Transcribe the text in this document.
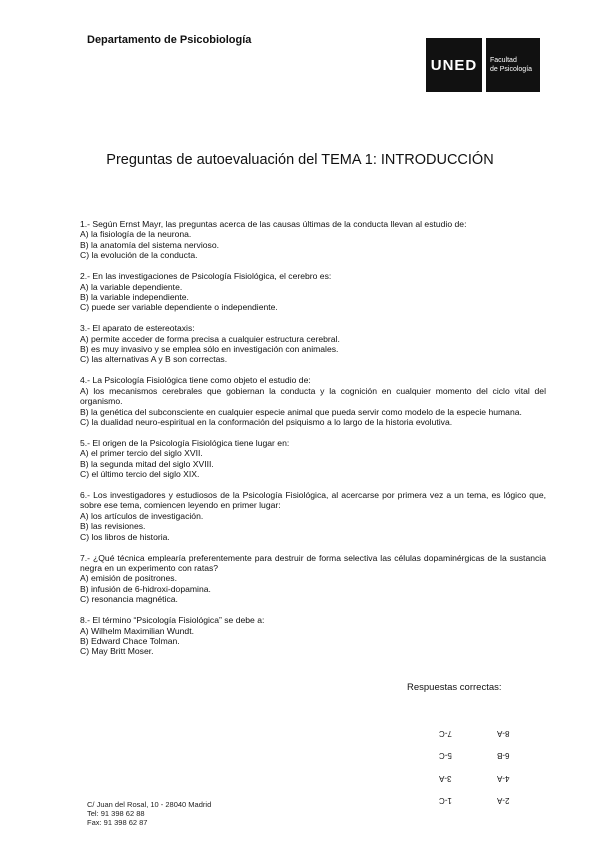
Departamento de Psicobiología
UNED	Facultad
de Psicología
Preguntas de autoevaluación del TEMA 1: INTRODUCCIÓN
1.- Según Ernst Mayr, las preguntas acerca de las causas últimas de la conducta llevan al estudio de:
A) la fisiología de la neurona.
B) la anatomía del sistema nervioso.
C) la evolución de la conducta.
2.- En las investigaciones de Psicología Fisiológica, el cerebro es:
A) la variable dependiente.
B) la variable independiente.
C) puede ser variable dependiente o independiente.
3.- El aparato de estereotaxis:
A) permite acceder de forma precisa a cualquier estructura cerebral.
B) es muy invasivo y se emplea sólo en investigación con animales.
C) las alternativas A y B son correctas.
4.- La Psicología Fisiológica tiene como objeto el estudio de:
A) los mecanismos cerebrales que gobiernan la conducta y la cognición en cualquier momento del ciclo vital del organismo.
B) la genética del subconsciente en cualquier especie animal que pueda servir como modelo de la especie humana.
C) la dualidad neuro-espiritual en la conformación del psiquismo a lo largo de la historia evolutiva.
5.- El origen de la Psicología Fisiológica tiene lugar en:
A) el primer tercio del siglo XVII.
B) la segunda mitad del siglo XVIII.
C) el último tercio del siglo XIX.
6.- Los investigadores y estudiosos de la Psicología Fisiológica, al acercarse por primera vez a un tema, es lógico que, sobre ese tema, comiencen leyendo en primer lugar:
A) los artículos de investigación.
B) las revisiones.
C) los libros de historia.
7.- ¿Qué técnica emplearía preferentemente para destruir de forma selectiva las células dopaminérgicas de la sustancia negra en un experimento con ratas?
A) emisión de positrones.
B) infusión de 6-hidroxi-dopamina.
C) resonancia magnética.
8.- El término “Psicología Fisiológica” se debe a:
A) Wilhelm Maximilian Wundt.
B) Edward Chace Tolman.
C) May Britt Moser.
Respuestas correctas:
7-C	8-A
5-C	6-B
3-A	4-A
1-C	2-A
C/ Juan del Rosal, 10 - 28040 Madrid
Tel: 91 398 62 88
Fax: 91 398 62 87
